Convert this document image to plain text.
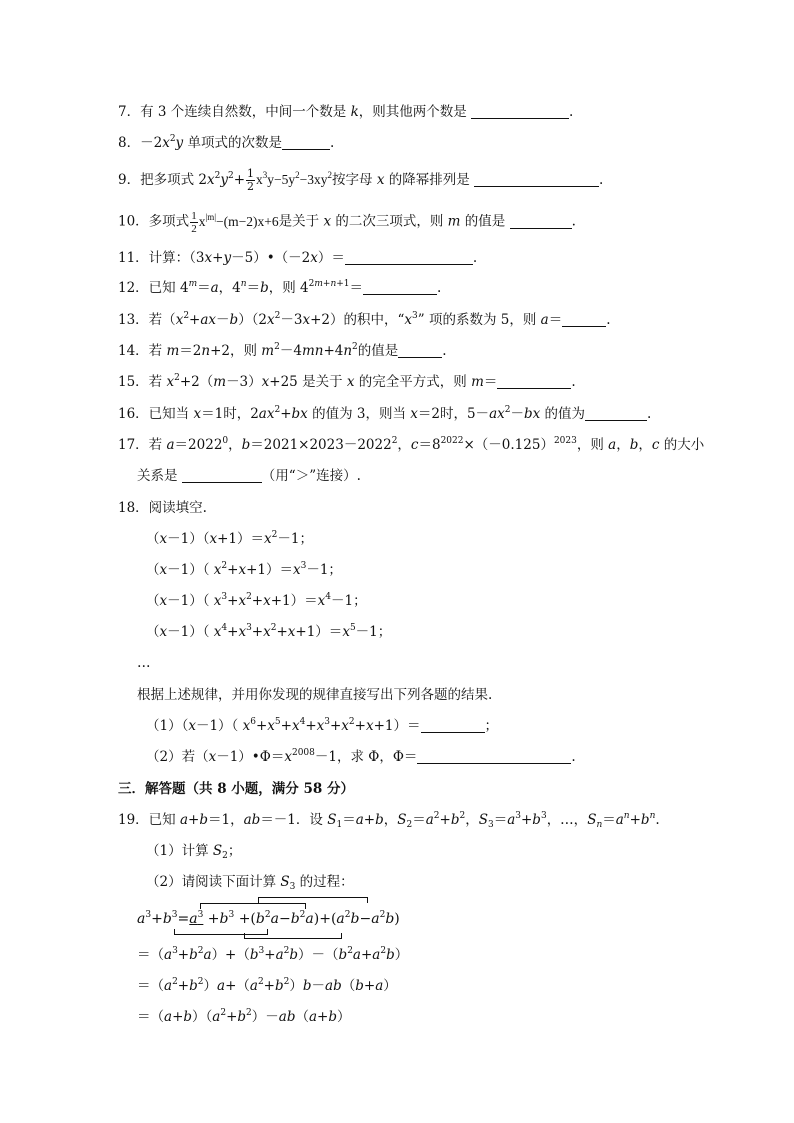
7．有 3 个连续自然数，中间一个数是 k，则其他两个数是	.
8．$-2x^2y$ 单项式的次数是	.
9．把多项式 $2x^2y^2+ \frac{1}{2} x^3y-5y^2-3xy^2$按字母 x 的降幂排列是	.
10．多项式 $\frac{1}{2} x^{|m|}-(m-2)x+6$是关于 x 的二次三项式，则 m 的值是	.
11．计算：（3x+y－5）•（－2x）＝	.
12．已知 $4^m=a$，$4^n=b$，则 $4^{2m+n+1}=$	.
13．若$(x^2+ax-b)(2x^2-3x+2)$的积中，“$x^3$” 项的系数为 5，则 a＝	.
14．若 m＝2n+2，则 $m^2-4mn+4n^2$的值是	.
15．若 $x^2+2(m-3)x+25$ 是关于 x 的完全平方式，则 m＝	.
16．已知当 x＝1时，$2ax^2+bx$ 的值为 3，则当 x＝2时，$5-ax^2-bx$ 的值为	.
17．若 $a=2022^0$，$b=2021\times 2023-2022^2$，$c=8^{2022}\times(-0.125)^{2023}$，则 a，b，c 的大小
关系是	（用“＞”连接）.
18．阅读填空.
$(x-1)(x+1)=x^2-1$；
（x－1）（ $x^2+x+1)=x^3-1$；
（x－1）（ $x^3+x^2+x+1)=x^4-1$；
（x－1）（ $x^4+x^3+x^2+x+1)=x^5-1$；
…
根据上述规律，并用你发现的规律直接写出下列各题的结果.
（1）（x－1）（ $x^6+x^5+x^4+x^3+x^2+x+1)=$	；
（2）若$(x-1)•\Phi=x^{2008}-1$，求 Φ，Φ＝	.
三．解答题（共 8 小题，满分 58 分）
19．已知 a+b＝1，ab＝－1．设 $S_1=a+b$，$S_2=a^2+b^2$，$S_3=a^3+b^3$，…，$S_n=a^n+b^n$.
（1）计算 $S_2$；
（2）请阅读下面计算 $S_3$ 的过程：
$a^3+b^3=a^3 +b^3 +(b^2a-b^2a)+(a^2b-a^2b)$
$=(a^3+b^2a)+(b^3+a^2b)-(b^2a+a^2b)$
$=(a^2+b^2)a+(a^2+b^2)b-ab(b+a)$
$=(a+b)(a^2+b^2)-ab(a+b)$
